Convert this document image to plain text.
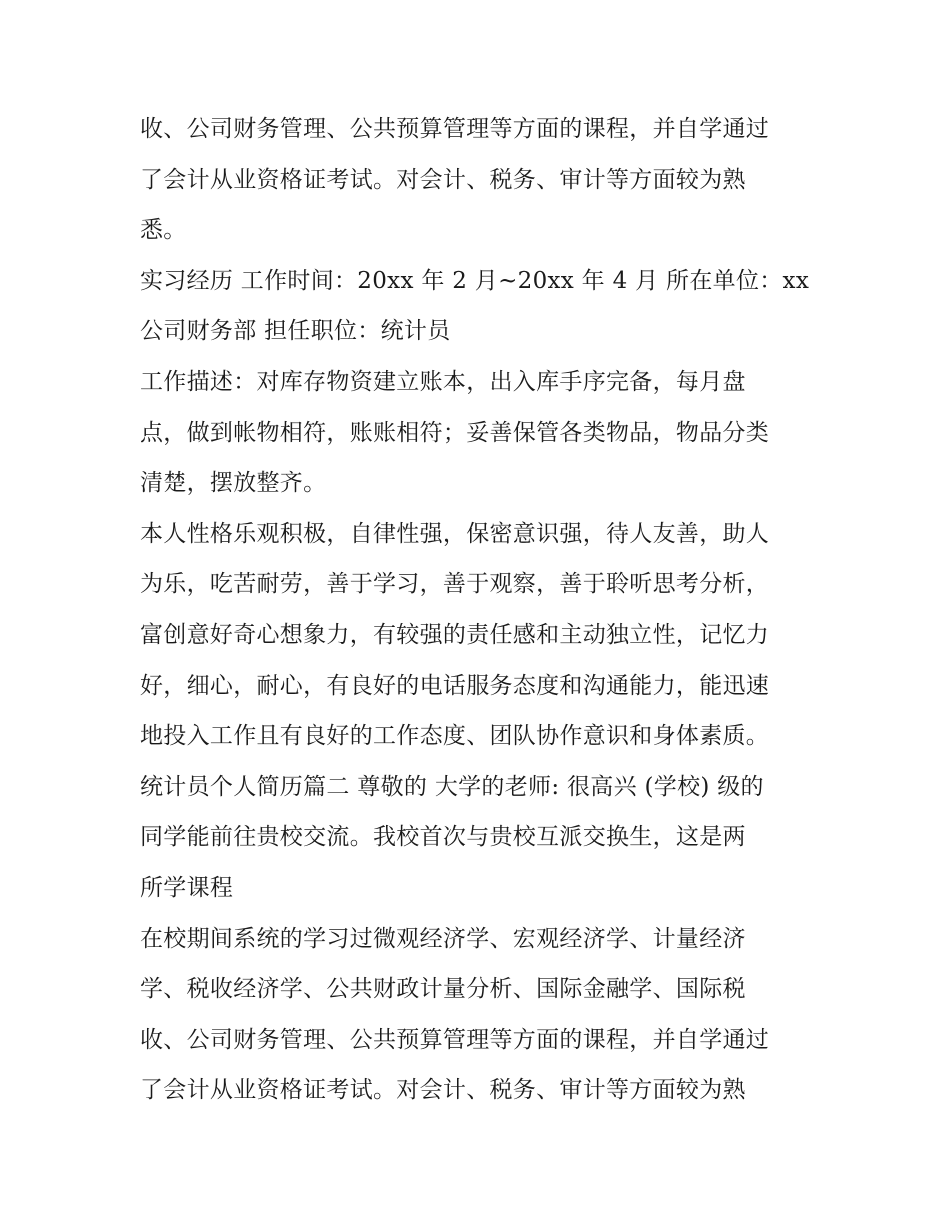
收、公司财务管理、公共预算管理等方面的课程，并自学通过
了会计从业资格证考试。对会计、税务、审计等方面较为熟
悉。
实习经历 工作时间：20xx 年 2 月~20xx 年 4 月 所在单位：xx
公司财务部 担任职位：统计员
工作描述：对库存物资建立账本，出入库手序完备，每月盘
点，做到帐物相符，账账相符；妥善保管各类物品，物品分类
清楚，摆放整齐。
本人性格乐观积极，自律性强，保密意识强，待人友善，助人
为乐，吃苦耐劳，善于学习，善于观察，善于聆听思考分析，
富创意好奇心想象力，有较强的责任感和主动独立性，记忆力
好，细心，耐心，有良好的电话服务态度和沟通能力，能迅速
地投入工作且有良好的工作态度、团队协作意识和身体素质。
统计员个人简历篇二 尊敬的 大学的老师: 很高兴 (学校) 级的
同学能前往贵校交流。我校首次与贵校互派交换生，这是两
所学课程
在校期间系统的学习过微观经济学、宏观经济学、计量经济
学、税收经济学、公共财政计量分析、国际金融学、国际税
收、公司财务管理、公共预算管理等方面的课程，并自学通过
了会计从业资格证考试。对会计、税务、审计等方面较为熟
